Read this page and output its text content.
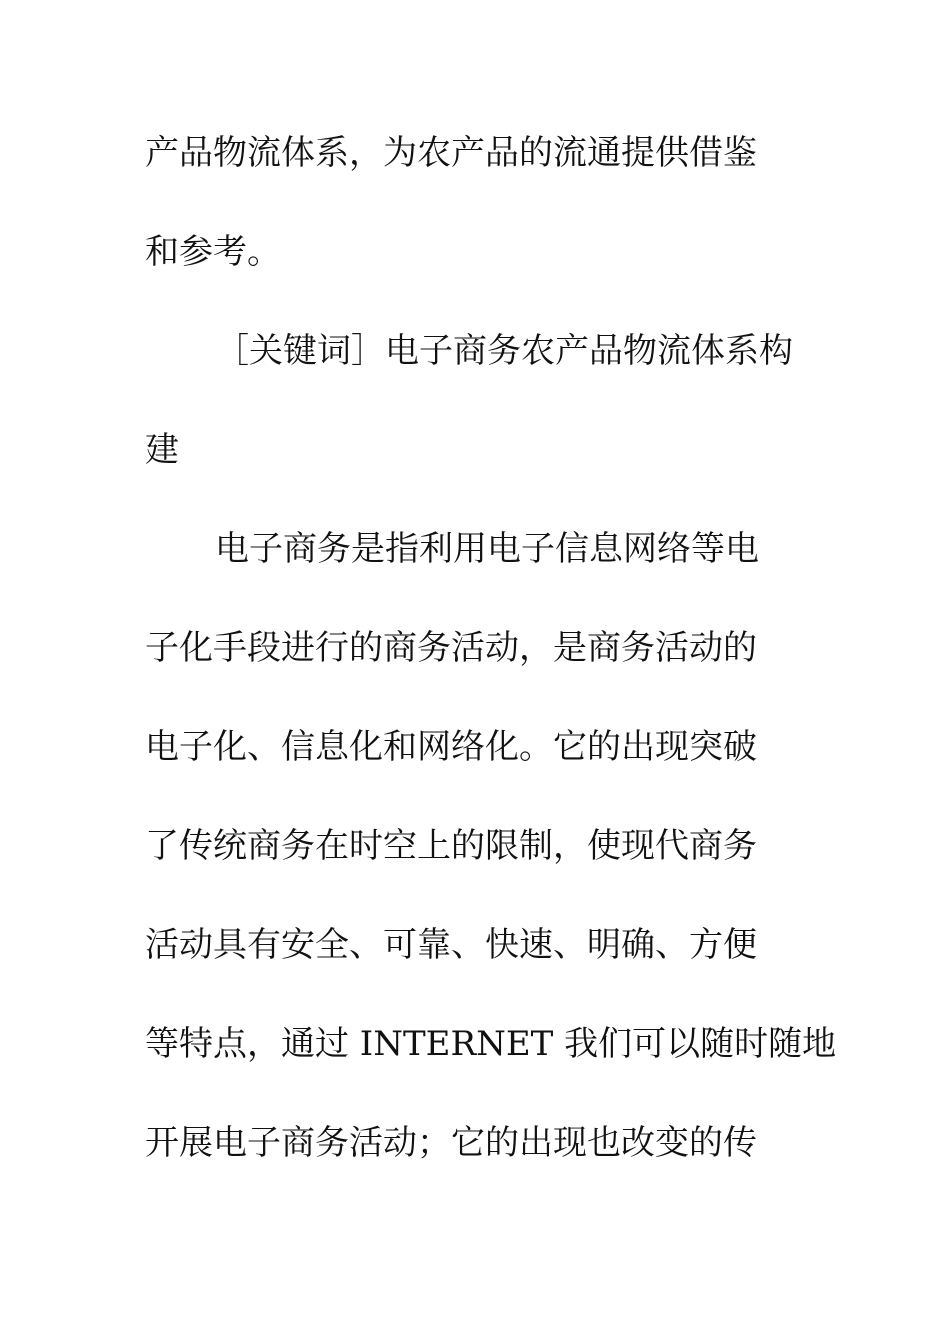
产品物流体系，为农产品的流通提供借鉴
和参考。
［关键词］电子商务农产品物流体系构
建
电子商务是指利用电子信息网络等电
子化手段进行的商务活动，是商务活动的
电子化、信息化和网络化。它的出现突破
了传统商务在时空上的限制，使现代商务
活动具有安全、可靠、快速、明确、方便
等特点，通过 INTERNET 我们可以随时随地
开展电子商务活动；它的出现也改变的传
